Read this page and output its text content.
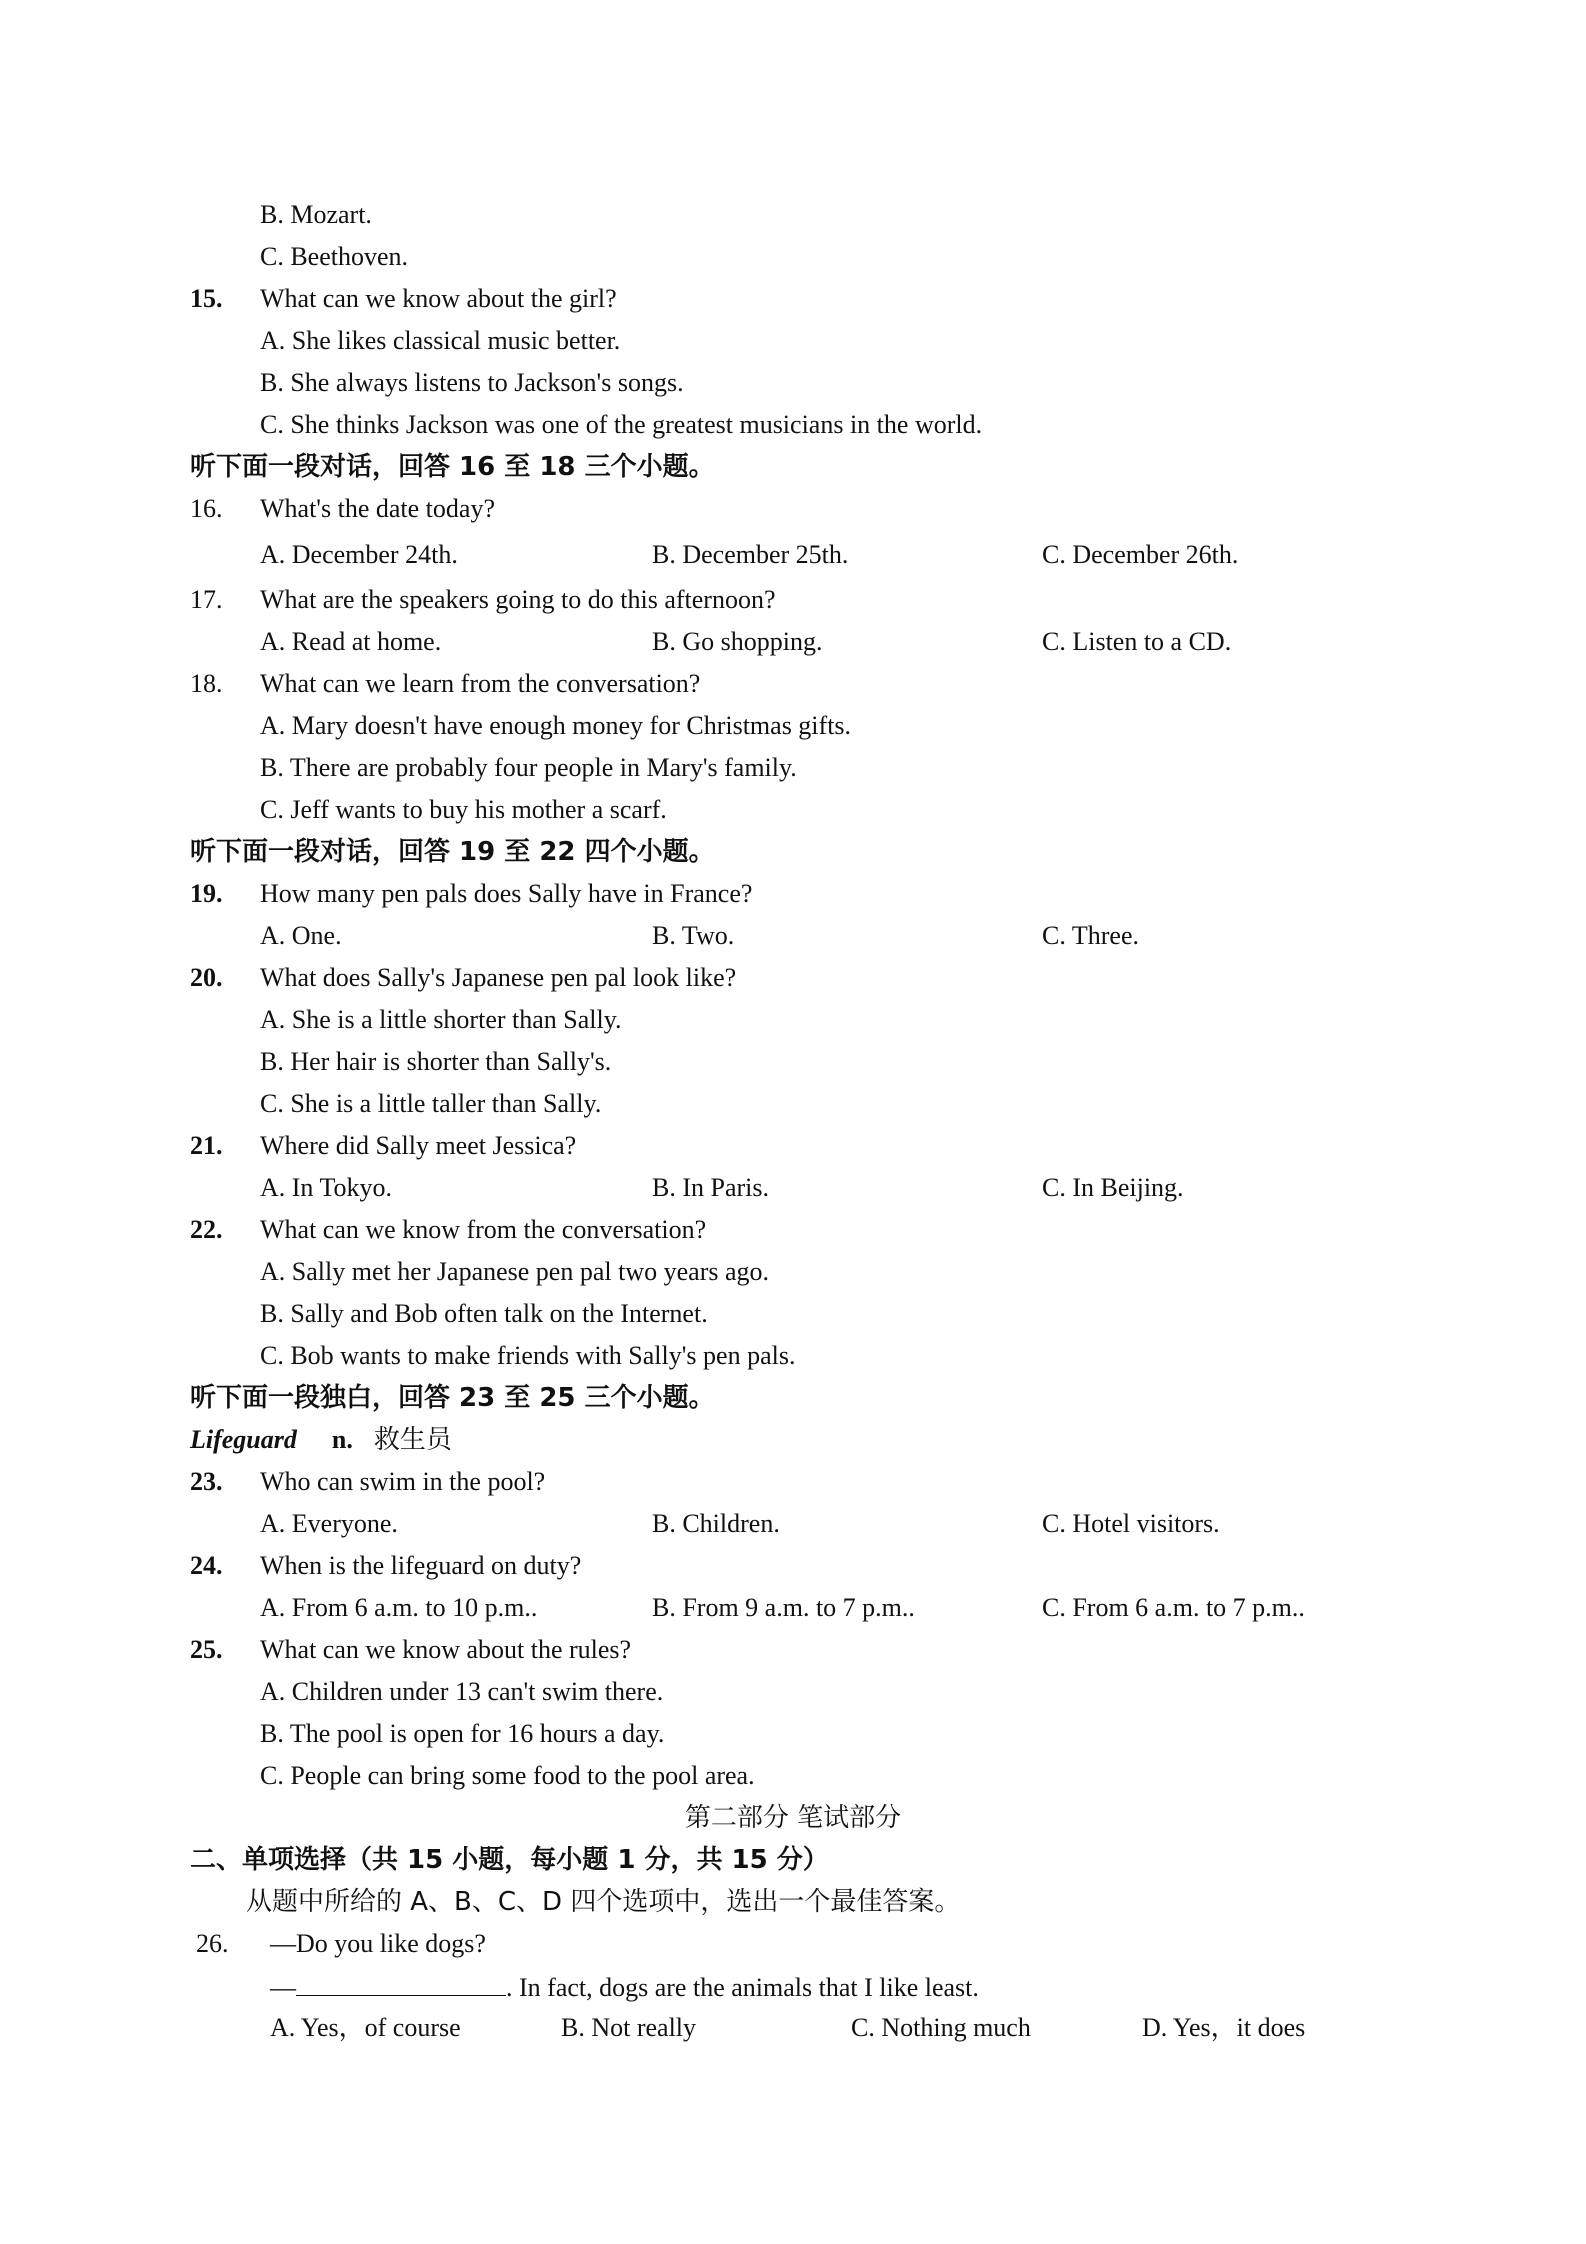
B. Mozart.
C. Beethoven.
15. What can we know about the girl?
A. She likes classical music better.
B. She always listens to Jackson's songs.
C. She thinks Jackson was one of the greatest musicians in the world.
听下面一段对话，回答 16 至 18 三个小题。
16. What's the date today?
A. December 24th.	B. December 25th.	C. December 26th.
17. What are the speakers going to do this afternoon?
A. Read at home.	B. Go shopping.	C. Listen to a CD.
18. What can we learn from the conversation?
A. Mary doesn't have enough money for Christmas gifts.
B. There are probably four people in Mary's family.
C. Jeff wants to buy his mother a scarf.
听下面一段对话，回答 19 至 22 四个小题。
19. How many pen pals does Sally have in France?
A. One.	B. Two.	C. Three.
20. What does Sally's Japanese pen pal look like?
A. She is a little shorter than Sally.
B. Her hair is shorter than Sally's.
C. She is a little taller than Sally.
21. Where did Sally meet Jessica?
A. In Tokyo.	B. In Paris.	C. In Beijing.
22. What can we know from the conversation?
A. Sally met her Japanese pen pal two years ago.
B. Sally and Bob often talk on the Internet.
C. Bob wants to make friends with Sally's pen pals.
听下面一段独白，回答 23 至 25 三个小题。
Lifeguard n. 救生员
23. Who can swim in the pool?
A. Everyone.	B. Children.	C. Hotel visitors.
24. When is the lifeguard on duty?
A. From 6 a.m. to 10 p.m..	B. From 9 a.m. to 7 p.m..	C. From 6 a.m. to 7 p.m..
25. What can we know about the rules?
A. Children under 13 can't swim there.
B. The pool is open for 16 hours a day.
C. People can bring some food to the pool area.
第二部分 笔试部分
二、单项选择（共 15 小题，每小题 1 分，共 15 分）
从题中所给的 A、B、C、D 四个选项中，选出一个最佳答案。
26. —Do you like dogs?
—	. In fact, dogs are the animals that I like least.
A. Yes，of course	B. Not really	C. Nothing much	D. Yes，it does
